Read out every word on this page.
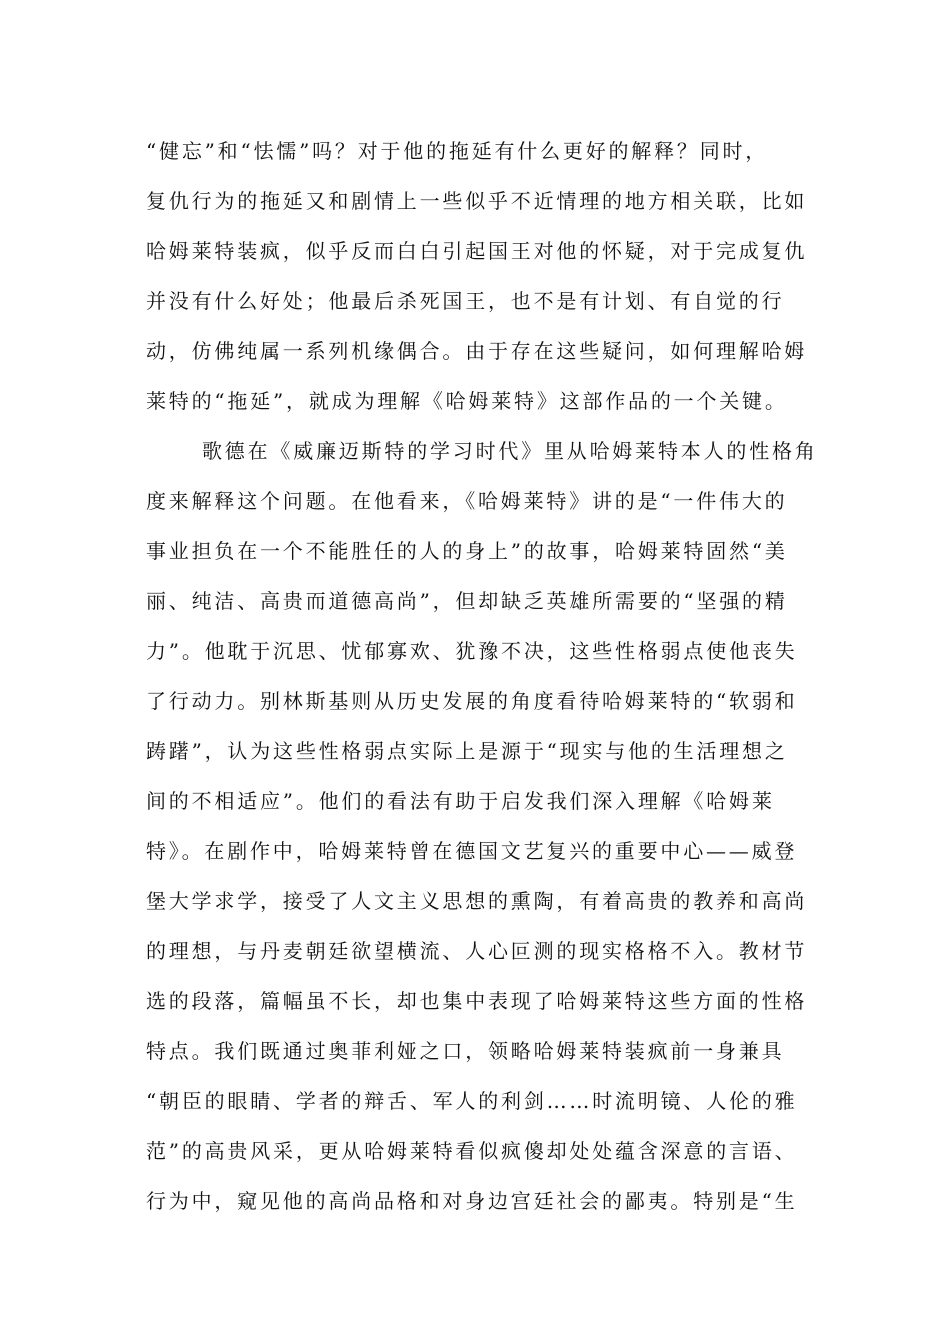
“健忘”和“怯懦”吗？对于他的拖延有什么更好的解释？同时，
复仇行为的拖延又和剧情上一些似乎不近情理的地方相关联，比如
哈姆莱特装疯，似乎反而白白引起国王对他的怀疑，对于完成复仇
并没有什么好处；他最后杀死国王，也不是有计划、有自觉的行
动，仿佛纯属一系列机缘偶合。由于存在这些疑问，如何理解哈姆
莱特的“拖延”，就成为理解《哈姆莱特》这部作品的一个关键。
歌德在《威廉迈斯特的学习时代》里从哈姆莱特本人的性格角
度来解释这个问题。在他看来，《哈姆莱特》讲的是“一件伟大的
事业担负在一个不能胜任的人的身上”的故事，哈姆莱特固然“美
丽、纯洁、高贵而道德高尚”，但却缺乏英雄所需要的“坚强的精
力”。他耽于沉思、忧郁寡欢、犹豫不决，这些性格弱点使他丧失
了行动力。别林斯基则从历史发展的角度看待哈姆莱特的“软弱和
踌躇”，认为这些性格弱点实际上是源于“现实与他的生活理想之
间的不相适应”。他们的看法有助于启发我们深入理解《哈姆莱
特》。在剧作中，哈姆莱特曾在德国文艺复兴的重要中心——威登
堡大学求学，接受了人文主义思想的熏陶，有着高贵的教养和高尚
的理想，与丹麦朝廷欲望横流、人心叵测的现实格格不入。教材节
选的段落，篇幅虽不长，却也集中表现了哈姆莱特这些方面的性格
特点。我们既通过奥菲利娅之口，领略哈姆莱特装疯前一身兼具
“朝臣的眼睛、学者的辩舌、军人的利剑……时流明镜、人伦的雅
范”的高贵风采，更从哈姆莱特看似疯傻却处处蕴含深意的言语、
行为中，窥见他的高尚品格和对身边宫廷社会的鄙夷。特别是“生
